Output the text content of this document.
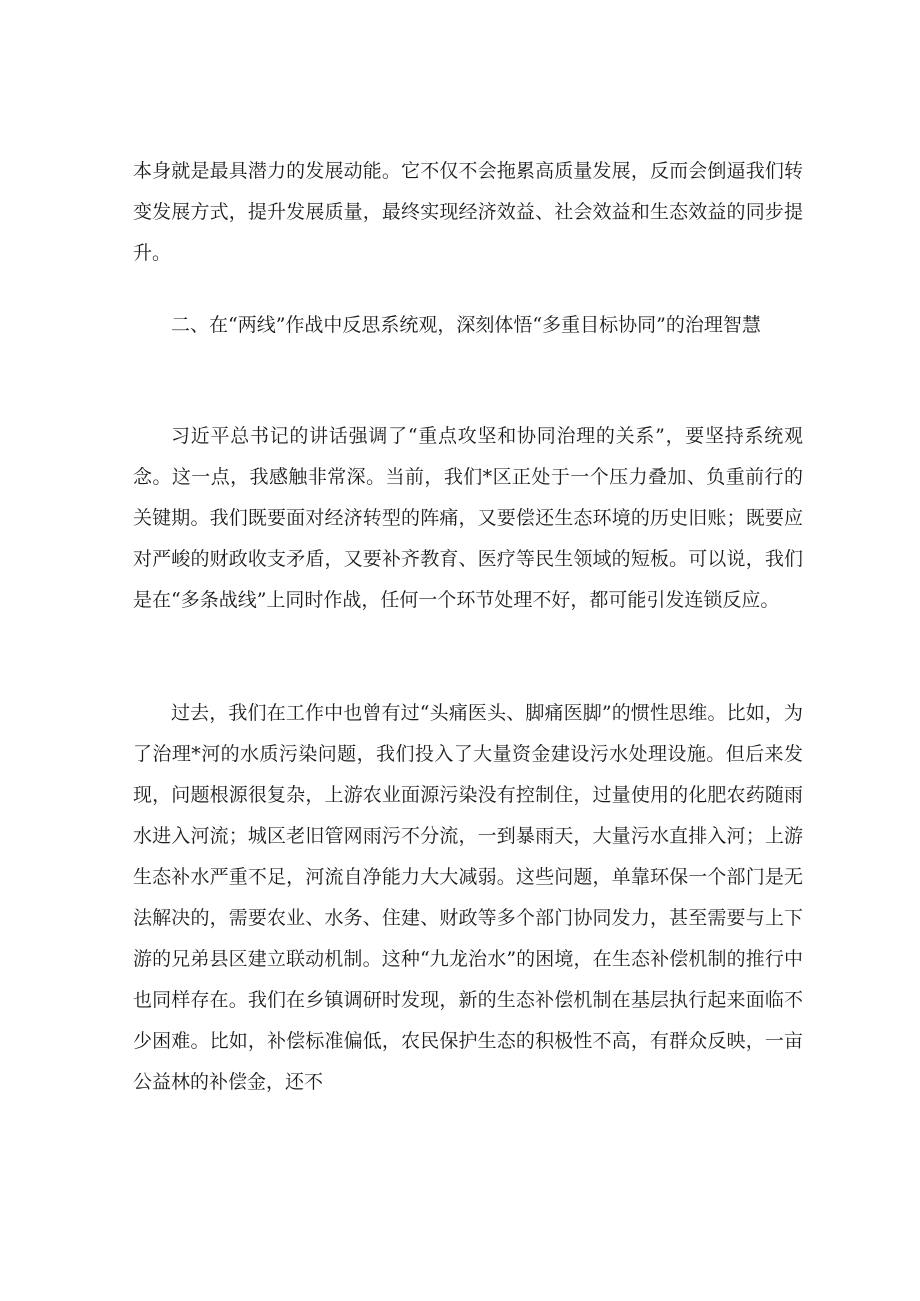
本身就是最具潜力的发展动能。它不仅不会拖累高质量发展，反而会倒逼我们转变发展方式，提升发展质量，最终实现经济效益、社会效益和生态效益的同步提升。

二、在“两线”作战中反思系统观，深刻体悟“多重目标协同”的治理智慧

习近平总书记的讲话强调了“重点攻坚和协同治理的关系”，要坚持系统观念。这一点，我感触非常深。当前，我们*区正处于一个压力叠加、负重前行的关键期。我们既要面对经济转型的阵痛，又要偿还生态环境的历史旧账；既要应对严峻的财政收支矛盾，又要补齐教育、医疗等民生领域的短板。可以说，我们是在“多条战线”上同时作战，任何一个环节处理不好，都可能引发连锁反应。

过去，我们在工作中也曾有过“头痛医头、脚痛医脚”的惯性思维。比如，为了治理*河的水质污染问题，我们投入了大量资金建设污水处理设施。但后来发现，问题根源很复杂，上游农业面源污染没有控制住，过量使用的化肥农药随雨水进入河流；城区老旧管网雨污不分流，一到暴雨天，大量污水直排入河；上游生态补水严重不足，河流自净能力大大减弱。这些问题，单靠环保一个部门是无法解决的，需要农业、水务、住建、财政等多个部门协同发力，甚至需要与上下游的兄弟县区建立联动机制。这种“九龙治水”的困境，在生态补偿机制的推行中也同样存在。我们在乡镇调研时发现，新的生态补偿机制在基层执行起来面临不少困难。比如，补偿标准偏低，农民保护生态的积极性不高，有群众反映，一亩公益林的补偿金，还不
